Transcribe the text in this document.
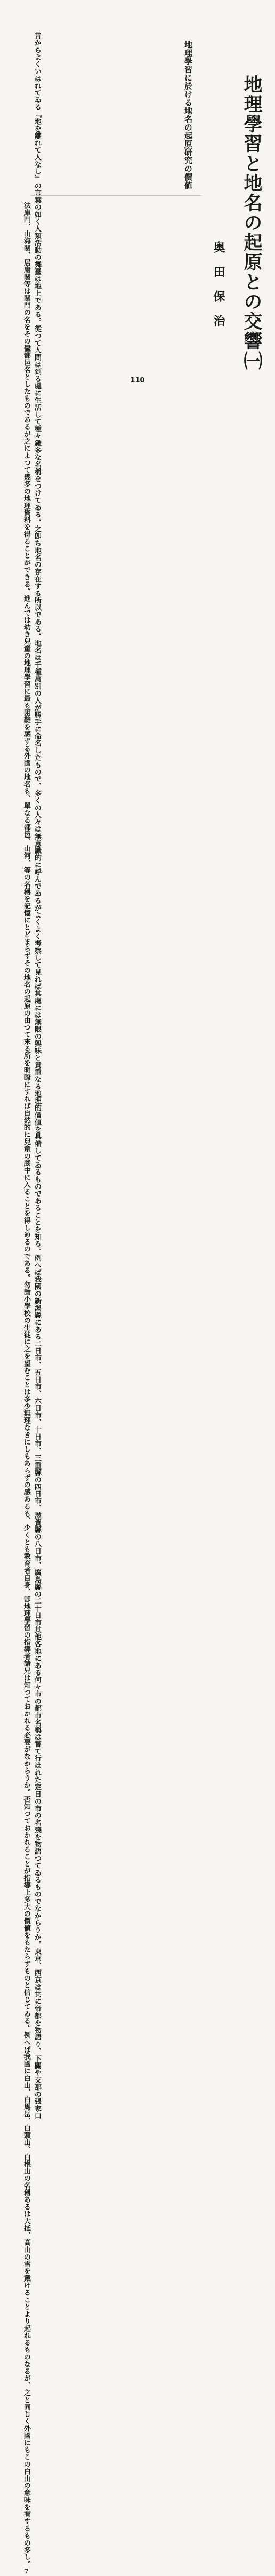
地理學習と地名の起原との交響㈠
奥田保治
地理學習に於ける地名の起原研究の價値
昔からよくいはれてゐる『地を離れて人なし』の言葉の如く人類活動の舞臺は地上である。從つて人間は到る處に生活して種々雜多な名稱をつけてゐる。之卽ち地名の存在する所以である。地名は千種萬別の人が勝手に命名したもので、多くの人々は無意識的に呼んでゐるがよくよく考察して見れば其處には無限の興味と貴重なる地理的價値を具備してゐるものであることを知る。例へば我國の新潟縣にある二日市、五日市、六日市、十日市、三重縣の四日市、滋賀縣の八日市、廣島縣の二十日市其他各地にある何々市の都市名稱は嘗て行はれた定日の市の名殘を物語つてゐるものでなからうか。東京、西京は共に帝都を物語り、下關や支那の張家口
法庫門、山海關、居庸關等は關門の名をその儘都邑名としたものであるが之によつて幾多の地理資料を得ることができる。進んでは幼き兒童の地理學習に最も困難を感ずる外國の地名も、單なる都邑、山河、等の名稱を記憶にとどまらずその地名の起原の由つて來る所を明瞭にすれば自然的に兒童の腦中に入ることを得しめるのである。勿論小學校の生徒に之を望むことは多少無理なきにしもあらずの感あるも、少くとも教育者自身、卽地理學習の指導者諸兄は知つておかれる必要がなからうか。否知つておかれることが指導上多大の價値をもたらすものと信じてゐる。例へば我國に白山、白馬岳、白頭山、白根山の名稱あるは大抵、高山の雪を戴けることより起れるものなるが、之と同じく外國にもこの白山の意味を有するもの多し。7	110
